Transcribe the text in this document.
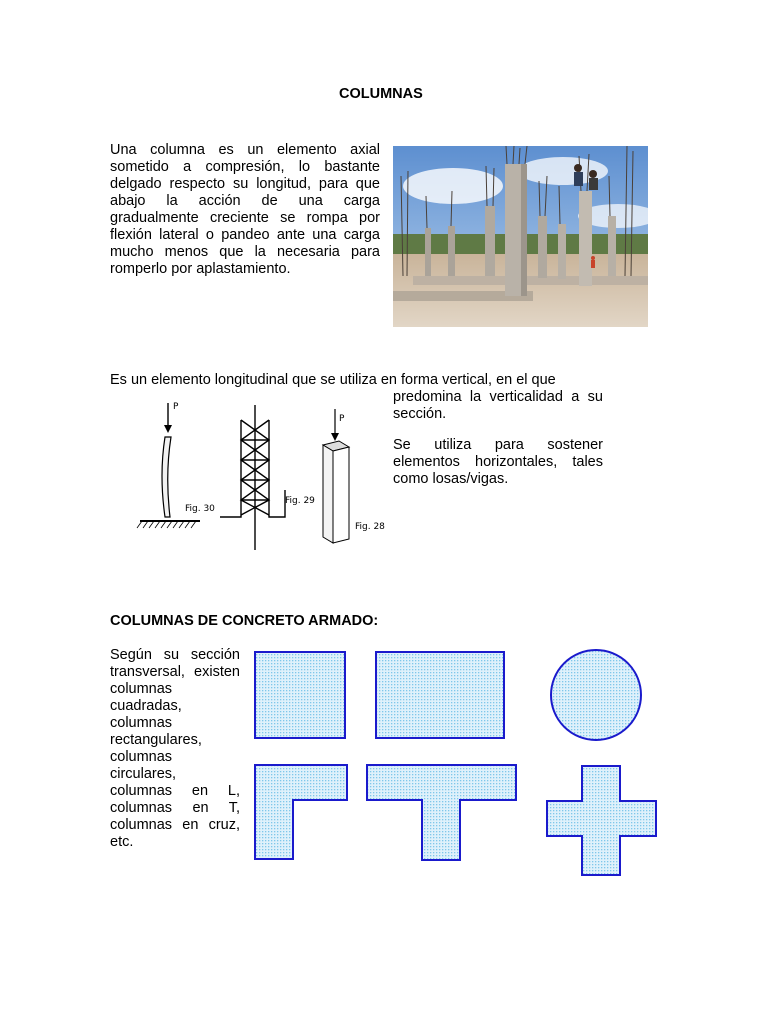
COLUMNAS
Una columna es un elemento axial sometido a compresión, lo bastante delgado respecto su longitud, para que abajo la acción de una carga gradualmente creciente se rompa por flexión lateral o pandeo ante una carga mucho menos que la necesaria para romperlo por aplastamiento.
Es un elemento longitudinal que se utiliza en forma vertical, en el que
predomina la verticalidad a su sección.
Se utiliza para sostener elementos horizontales, tales como losas/vigas.
P
Fig. 30
Fig. 29
P
Fig. 28
COLUMNAS DE CONCRETO ARMADO:
Según su sección transversal, existen columnas cuadradas, columnas rectangulares, columnas circulares, columnas en L, columnas en T, columnas en cruz, etc.
